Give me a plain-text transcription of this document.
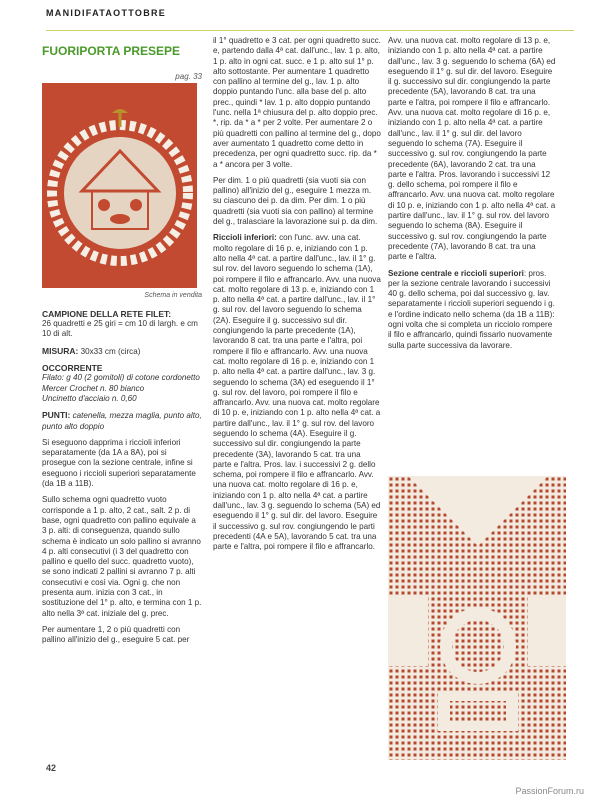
MANIDIFATAOTTOBRE
FUORIPORTA PRESEPE
pag. 33
Schema in vendita
CAMPIONE DELLA RETE FILET:

26 quadretti e 25 giri = cm 10 di largh. e cm 10 di alt.

MISURA: 30x33 cm (circa)

OCCORRENTE
Filato: g 40 (2 gomitoli) di cotone cordonetto Mercer Crochet n. 80 bianco

Uncinetto d'acciaio n. 0,60

PUNTI: catenella, mezza maglia, punto alto, punto alto doppio

Si eseguono dapprima i riccioli inferiori separatamente (da 1A a 8A), poi si prosegue con la sezione centrale, infine si eseguono i riccioli superiori separatamente (da 1B a 11B).

Sullo schema ogni quadretto vuoto corrisponde a 1 p. alto, 2 cat., salt. 2 p. di base, ogni quadretto con pallino equivale a 3 p. alti: di conseguenza, quando sullo schema è indicato un solo pallino si avranno 4 p. alti consecutivi (i 3 del quadretto con pallino e quello del succ. quadretto vuoto), se sono indicati 2 pallini si avranno 7 p. alti consecutivi e così via. Ogni g. che non presenta aum. inizia con 3 cat., in sostituzione del 1° p. alto, e termina con 1 p. alto nella 3ª cat. iniziale del g. prec.

Per aumentare 1, 2 o più quadretti con pallino all'inizio del g., eseguire 5 cat. per

il 1° quadretto e 3 cat. per ogni quadretto succ. e, partendo dalla 4ª cat. dall'unc., lav. 1 p. alto, 1 p. alto in ogni cat. succ. e 1 p. alto sul 1° p. alto sottostante. Per aumentare 1 quadretto con pallino al termine del g., lav. 1 p. alto doppio puntando l'unc. alla base del p. alto prec., quindi * lav. 1 p. alto doppio puntando l'unc. nella 1ª chiusura del p. alto doppio prec. *, rip. da * a * per 2 volte. Per aumentare 2 o più quadretti con pallino al termine del g., dopo aver aumentato 1 quadretto come detto in precedenza, per ogni quadretto succ. rip. da * a * ancora per 3 volte.

Per dim. 1 o più quadretti (sia vuoti sia con pallino) all'inizio del g., eseguire 1 mezza m. su ciascuno dei p. da dim. Per dim. 1 o più quadretti (sia vuoti sia con pallino) al termine del g., tralasciare la lavorazione sui p. da dim.

Riccioli inferiori: con l'unc. avv. una cat. molto regolare di 16 p. e, iniziando con 1 p. alto nella 4ª cat. a partire dall'unc., lav. il 1° g. sul rov. del lavoro seguendo lo schema (1A), poi rompere il filo e affrancarlo. Avv. una nuova cat. molto regolare di 13 p. e, iniziando con 1 p. alto nella 4ª cat. a partire dall'unc., lav. il 1° g. sul rov. del lavoro seguendo lo schema (2A). Eseguire il g. successivo sul dir. congiungendo la parte precedente (1A), lavorando 8 cat. tra una parte e l'altra, poi rompere il filo e affrancarlo. Avv. una nuova cat. molto regolare di 16 p. e, iniziando con 1 p. alto nella 4ª cat. a partire dall'unc., lav. 3 g. seguendo lo schema (3A) ed eseguendo il 1° g. sul rov. del lavoro, poi rompere il filo e affrancarlo. Avv. una nuova cat. molto regolare di 10 p. e, iniziando con 1 p. alto nella 4ª cat. a partire dall'unc., lav. il 1° g. sul rov. del lavoro seguendo lo schema (4A). Eseguire il g. successivo sul dir. congiungendo la parte precedente (3A), lavorando 5 cat. tra una parte e l'altra. Pros. lav. i successivi 2 g. dello schema, poi rompere il filo e affrancarlo. Avv. una nuova cat. molto regolare di 16 p. e, iniziando con 1 p. alto nella 4ª cat. a partire dall'unc., lav. 3 g. seguendo lo schema (5A) ed eseguendo il 1° g. sul dir. del lavoro. Eseguire il successivo g. sul rov. congiungendo le parti precedenti (4A e 5A), lavorando 5 cat. tra una parte e l'altra, poi rompere il filo e affrancarlo.

Avv. una nuova cat. molto regolare di 13 p. e, iniziando con 1 p. alto nella 4ª cat. a partire dall'unc., lav. 3 g. seguendo lo schema (6A) ed eseguendo il 1° g. sul dir. del lavoro. Eseguire il g. successivo sul dir. congiungendo la parte precedente (5A), lavorando 8 cat. tra una parte e l'altra, poi rompere il filo e affrancarlo. Avv. una nuova cat. molto regolare di 16 p. e, iniziando con 1 p. alto nella 4ª cat. a partire dall'unc., lav. il 1° g. sul dir. del lavoro seguendo lo schema (7A). Eseguire il successivo g. sul rov. congiungendo la parte precedente (6A), lavorando 2 cat. tra una parte e l'altra. Pros. lavorando i successivi 12 g. dello schema, poi rompere il filo e affrancarlo. Avv. una nuova cat. molto regolare di 10 p. e, iniziando con 1 p. alto nella 4ª cat. a partire dall'unc., lav. il 1° g. sul rov. del lavoro seguendo lo schema (8A). Eseguire il successivo g. sul rov. congiungendo la parte precedente (7A), lavorando 8 cat. tra una parte e l'altra.

Sezione centrale e riccioli superiori: pros. per la sezione centrale lavorando i successivi 40 g. dello schema, poi dal successivo g. lav. separatamente i riccioli superiori seguendo i g. e l'ordine indicato nello schema (da 1B a 11B): ogni volta che si completa un ricciolo rompere il filo e affrancarlo, quindi fissarlo nuovamente sulla parte successiva da lavorare.

42
PassionForum.ru
